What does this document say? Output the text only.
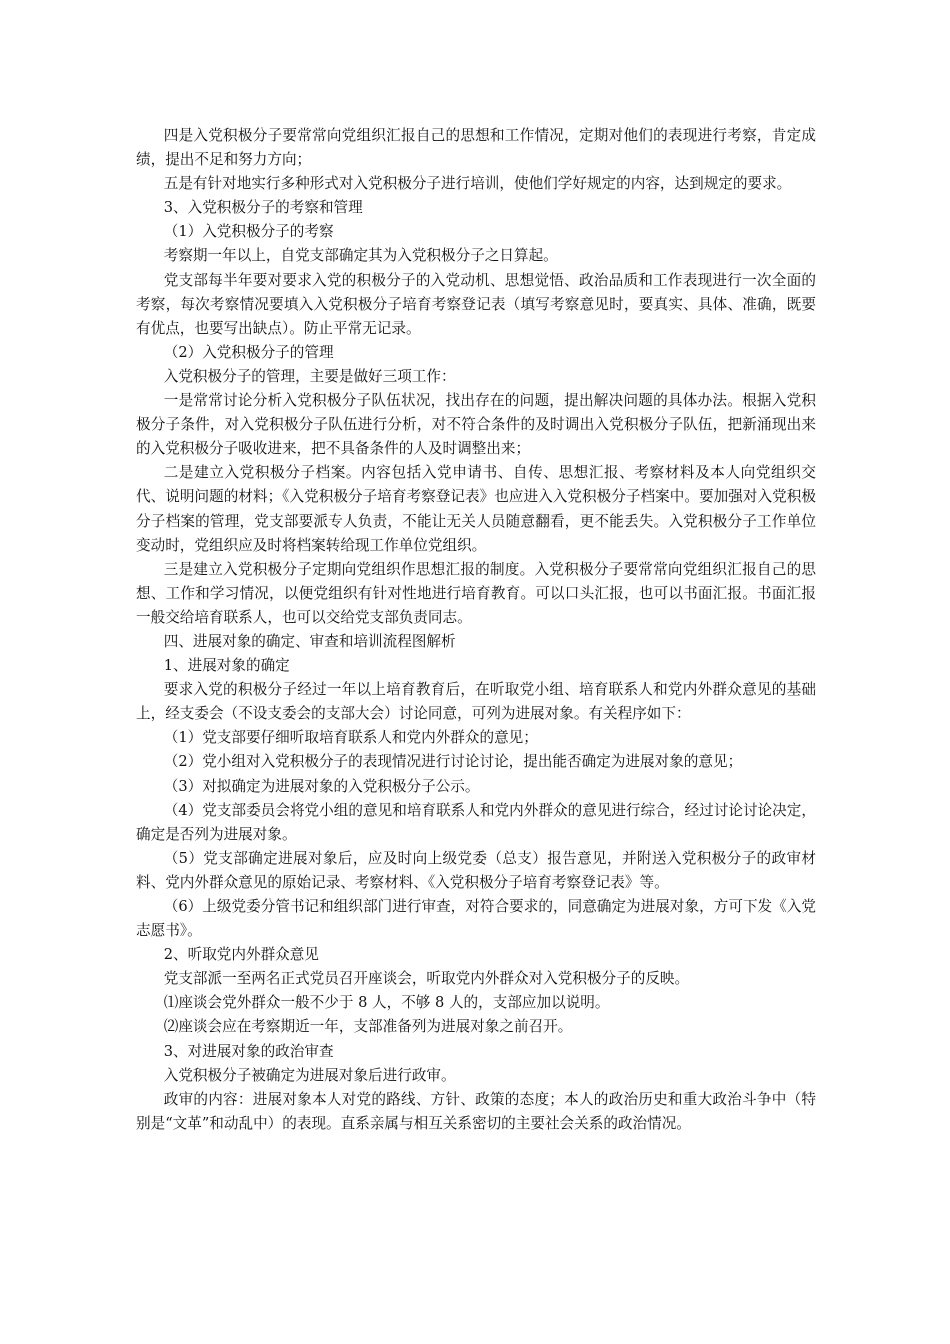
四是入党积极分子要常常向党组织汇报自己的思想和工作情况，定期对他们的表现进行考察，肯定成绩，提出不足和努力方向；

五是有针对地实行多种形式对入党积极分子进行培训，使他们学好规定的内容，达到规定的要求。

3、入党积极分子的考察和管理

（1）入党积极分子的考察

考察期一年以上，自党支部确定其为入党积极分子之日算起。

党支部每半年要对要求入党的积极分子的入党动机、思想觉悟、政治品质和工作表现进行一次全面的考察，每次考察情况要填入入党积极分子培育考察登记表（填写考察意见时，要真实、具体、准确，既要有优点，也要写出缺点）。防止平常无记录。

（2）入党积极分子的管理

入党积极分子的管理，主要是做好三项工作：

一是常常讨论分析入党积极分子队伍状况，找出存在的问题，提出解决问题的具体办法。根据入党积极分子条件，对入党积极分子队伍进行分析，对不符合条件的及时调出入党积极分子队伍，把新涌现出来的入党积极分子吸收进来，把不具备条件的人及时调整出来；

二是建立入党积极分子档案。内容包括入党申请书、自传、思想汇报、考察材料及本人向党组织交代、说明问题的材料；《入党积极分子培育考察登记表》也应进入入党积极分子档案中。要加强对入党积极分子档案的管理，党支部要派专人负责，不能让无关人员随意翻看，更不能丢失。入党积极分子工作单位变动时，党组织应及时将档案转给现工作单位党组织。

三是建立入党积极分子定期向党组织作思想汇报的制度。入党积极分子要常常向党组织汇报自己的思想、工作和学习情况，以便党组织有针对性地进行培育教育。可以口头汇报，也可以书面汇报。书面汇报一般交给培育联系人，也可以交给党支部负责同志。

四、进展对象的确定、审查和培训流程图解析

1、进展对象的确定

要求入党的积极分子经过一年以上培育教育后，在听取党小组、培育联系人和党内外群众意见的基础上，经支委会（不设支委会的支部大会）讨论同意，可列为进展对象。有关程序如下：

（1）党支部要仔细听取培育联系人和党内外群众的意见；

（2）党小组对入党积极分子的表现情况进行讨论讨论，提出能否确定为进展对象的意见；

（3）对拟确定为进展对象的入党积极分子公示。

（4）党支部委员会将党小组的意见和培育联系人和党内外群众的意见进行综合，经过讨论讨论决定，确定是否列为进展对象。

（5）党支部确定进展对象后，应及时向上级党委（总支）报告意见，并附送入党积极分子的政审材料、党内外群众意见的原始记录、考察材料、《入党积极分子培育考察登记表》等。

（6）上级党委分管书记和组织部门进行审查，对符合要求的，同意确定为进展对象，方可下发《入党志愿书》。

2、听取党内外群众意见

党支部派一至两名正式党员召开座谈会，听取党内外群众对入党积极分子的反映。

⑴座谈会党外群众一般不少于 8 人，不够 8 人的，支部应加以说明。

⑵座谈会应在考察期近一年，支部准备列为进展对象之前召开。

3、对进展对象的政治审查

入党积极分子被确定为进展对象后进行政审。

政审的内容：进展对象本人对党的路线、方针、政策的态度；本人的政治历史和重大政治斗争中（特别是“文革”和动乱中）的表现。直系亲属与相互关系密切的主要社会关系的政治情况。
